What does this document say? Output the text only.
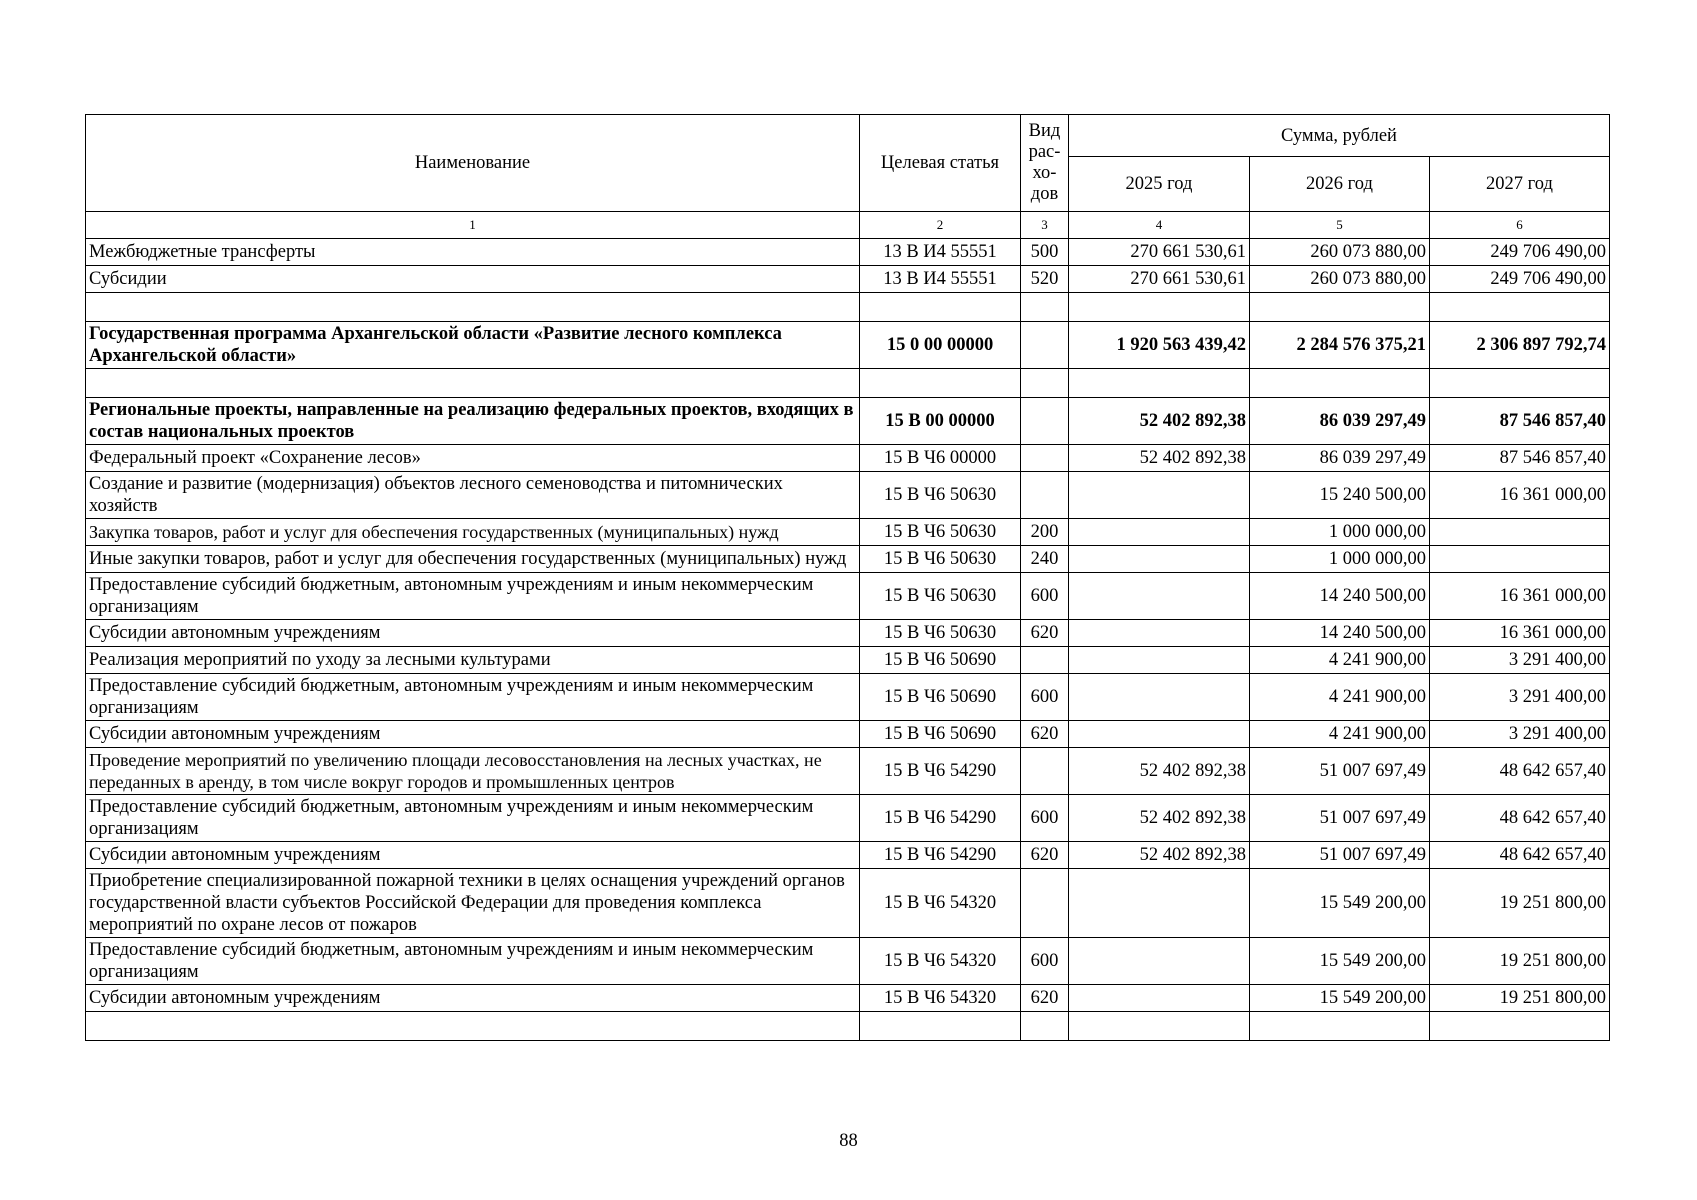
Наименование	Целевая статья	Вид рас- хо- дов	Сумма, рублей		
			2025 год	2026 год	2027 год
1	2	3	4	5	6
Межбюджетные трансферты	13 В И4 55551	500	270 661 530,61	260 073 880,00	249 706 490,00
Субсидии	13 В И4 55551	520	270 661 530,61	260 073 880,00	249 706 490,00

Государственная программа Архангельской области «Развитие лесного комплекса Архангельской области»	15 0 00 00000		1 920 563 439,42	2 284 576 375,21	2 306 897 792,74

Региональные проекты, направленные на реализацию федеральных проектов, входящих в состав национальных проектов	15 В 00 00000		52 402 892,38	86 039 297,49	87 546 857,40
Федеральный проект «Сохранение лесов»	15 В Ч6 00000		52 402 892,38	86 039 297,49	87 546 857,40
Создание и развитие (модернизация) объектов лесного семеноводства и питомнических хозяйств	15 В Ч6 50630			15 240 500,00	16 361 000,00
Закупка товаров, работ и услуг для обеспечения государственных (муниципальных) нужд	15 В Ч6 50630	200		1 000 000,00	
Иные закупки товаров, работ и услуг для обеспечения государственных (муниципальных) нужд	15 В Ч6 50630	240		1 000 000,00	
Предоставление субсидий бюджетным, автономным учреждениям и иным некоммерческим организациям	15 В Ч6 50630	600		14 240 500,00	16 361 000,00
Субсидии автономным учреждениям	15 В Ч6 50630	620		14 240 500,00	16 361 000,00
Реализация мероприятий по уходу за лесными культурами	15 В Ч6 50690			4 241 900,00	3 291 400,00
Предоставление субсидий бюджетным, автономным учреждениям и иным некоммерческим организациям	15 В Ч6 50690	600		4 241 900,00	3 291 400,00
Субсидии автономным учреждениям	15 В Ч6 50690	620		4 241 900,00	3 291 400,00
Проведение мероприятий по увеличению площади лесовосстановления на лесных участках, не переданных в аренду, в том числе вокруг городов и промышленных центров	15 В Ч6 54290		52 402 892,38	51 007 697,49	48 642 657,40
Предоставление субсидий бюджетным, автономным учреждениям и иным некоммерческим организациям	15 В Ч6 54290	600	52 402 892,38	51 007 697,49	48 642 657,40
Субсидии автономным учреждениям	15 В Ч6 54290	620	52 402 892,38	51 007 697,49	48 642 657,40
Приобретение специализированной пожарной техники в целях оснащения учреждений органов государственной власти субъектов Российской Федерации для проведения комплекса мероприятий по охране лесов от пожаров	15 В Ч6 54320			15 549 200,00	19 251 800,00
Предоставление субсидий бюджетным, автономным учреждениям и иным некоммерческим организациям	15 В Ч6 54320	600		15 549 200,00	19 251 800,00
Субсидии автономным учреждениям	15 В Ч6 54320	620		15 549 200,00	19 251 800,00

88
